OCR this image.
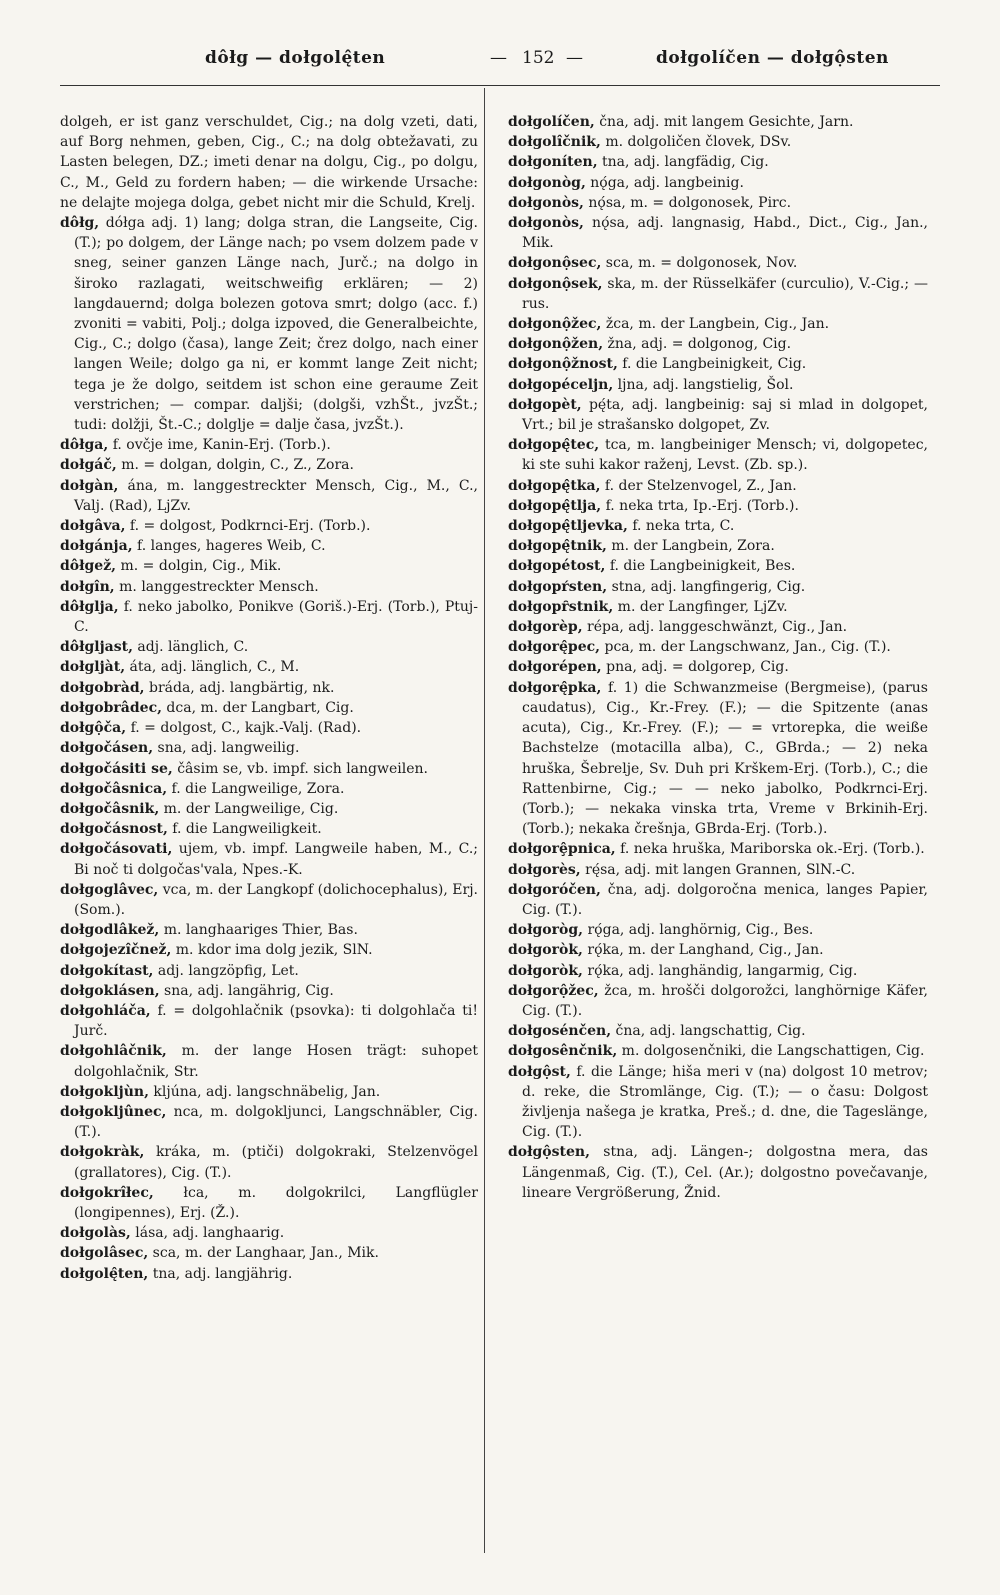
dôłg — dołgolę̂ten	— 152 —	dołgolíčen — dołgộsten

dolgeh, er ist ganz verschuldet, Cig.; na dolg vzeti, dati, auf Borg nehmen, geben, Cig., C.; na dolg obtežavati, zu Lasten belegen, DZ.; imeti denar na dolgu, Cig., po dolgu, C., M., Geld zu fordern haben; — die wirkende Ursache: ne delajte mojega dolga, gebet nicht mir die Schuld, Krelj.

dôłg, dółga adj. 1) lang; dolga stran, die Langseite, Cig. (T.); po dolgem, der Länge nach; po vsem dolzem pade v sneg, seiner ganzen Länge nach, Jurč.; na dolgo in široko razlagati, weitschweifig erklären; — 2) langdauernd; dolga bolezen gotova smrt; dolgo (acc. f.) zvoniti = vabiti, Polj.; dolga izpoved, die Generalbeichte, Cig., C.; dolgo (časa), lange Zeit; črez dolgo, nach einer langen Weile; dolgo ga ni, er kommt lange Zeit nicht; tega je že dolgo, seitdem ist schon eine geraume Zeit verstrichen; — compar. daljši; (dolgši, vzhŠt., jvzŠt.; tudi: dolžji, Št.-C.; dolglje = dalje časa, jvzŠt.).

dôłga, f. ovčje ime, Kanin-Erj. (Torb.).

dołgáč, m. = dolgan, dolgin, C., Z., Zora.

dołgàn, ána, m. langgestreckter Mensch, Cig., M., C., Valj. (Rad), LjZv.

dołgâva, f. = dolgost, Podkrnci-Erj. (Torb.).

dołgánja, f. langes, hageres Weib, C.

dôłgež, m. = dolgin, Cig., Mik.

dołgîn, m. langgestreckter Mensch.

dôłglja, f. neko jabolko, Ponikve (Goriš.)-Erj. (Torb.), Ptuj-C.

dôłgljast, adj. länglich, C.

dołgljàt, áta, adj. länglich, C., M.

dołgobràd, bráda, adj. langbärtig, nk.

dołgobrâdec, dca, m. der Langbart, Cig.

dołgộča, f. = dolgost, C., kajk.-Valj. (Rad).

dołgočásen, sna, adj. langweilig.

dołgočásiti se, čâsim se, vb. impf. sich langweilen.

dołgočâsnica, f. die Langweilige, Zora.

dołgočâsnik, m. der Langweilige, Cig.

dołgočásnost, f. die Langweiligkeit.

dołgočásovati, ujem, vb. impf. Langweile haben, M., C.; Bi noč ti dolgočas'vala, Npes.-K.

dołgoglâvec, vca, m. der Langkopf (dolichocephalus), Erj. (Som.).

dołgodlâkež, m. langhaariges Thier, Bas.

dołgojezîčnež, m. kdor ima dolg jezik, SlN.

dołgokítast, adj. langzöpfig, Let.

dołgoklásen, sna, adj. langährig, Cig.

dołgohláča, f. = dolgohlačnik (psovka): ti dolgohlača ti! Jurč.

dołgohlâčnik, m. der lange Hosen trägt: suhopet dolgohlačnik, Str.

dołgokljùn, kljúna, adj. langschnäbelig, Jan.

dołgokljûnec, nca, m. dolgokljunci, Langschnäbler, Cig. (T.).

dołgokràk, kráka, m. (ptiči) dolgokraki, Stelzenvögel (grallatores), Cig. (T.).

dołgokrîłec, łca, m. dolgokrilci, Langflügler (longipennes), Erj. (Ž.).

dołgolàs, lása, adj. langhaarig.

dołgolâsec, sca, m. der Langhaar, Jan., Mik.

dołgolę̂ten, tna, adj. langjährig.

dołgolíčen, čna, adj. mit langem Gesichte, Jarn.

dołgolîčnik, m. dolgoličen človek, DSv.

dołgoníten, tna, adj. langfädig, Cig.

dołgonòg, nǫ́ga, adj. langbeinig.

dołgonòs, nǫ́sa, m. = dolgonosek, Pirc.

dołgonòs, nǫ́sa, adj. langnasig, Habd., Dict., Cig., Jan., Mik.

dołgonộsec, sca, m. = dolgonosek, Nov.

dołgonộsek, ska, m. der Rüsselkäfer (curculio), V.-Cig.; — rus.

dołgonộžec, žca, m. der Langbein, Cig., Jan.

dołgonộžen, žna, adj. = dolgonog, Cig.

dołgonộžnost, f. die Langbeinigkeit, Cig.

dołgopéceljn, ljna, adj. langstielig, Šol.

dołgopèt, pę́ta, adj. langbeinig: saj si mlad in dolgopet, Vrt.; bil je strašansko dolgopet, Zv.

dołgopę̂tec, tca, m. langbeiniger Mensch; vi, dolgopetec, ki ste suhi kakor raženj, Levst. (Zb. sp.).

dołgopę̂tka, f. der Stelzenvogel, Z., Jan.

dołgopę̂tlja, f. neka trta, Ip.-Erj. (Torb.).

dołgopę̂tljevka, f. neka trta, C.

dołgopę̂tnik, m. der Langbein, Zora.

dołgopétost, f. die Langbeinigkeit, Bes.

dołgopŕsten, stna, adj. langfingerig, Cig.

dołgopȓstnik, m. der Langfinger, LjZv.

dołgorèp, répa, adj. langgeschwänzt, Cig., Jan.

dołgorę̂pec, pca, m. der Langschwanz, Jan., Cig. (T.).

dołgorépen, pna, adj. = dolgorep, Cig.

dołgorę̂pka, f. 1) die Schwanzmeise (Bergmeise), (parus caudatus), Cig., Kr.-Frey. (F.); — die Spitzente (anas acuta), Cig., Kr.-Frey. (F.); — = vrtorepka, die weiße Bachstelze (motacilla alba), C., GBrda.; — 2) neka hruška, Šebrelje, Sv. Duh pri Krškem-Erj. (Torb.), C.; die Rattenbirne, Cig.; — — neko jabolko, Podkrnci-Erj. (Torb.); — nekaka vinska trta, Vreme v Brkinih-Erj. (Torb.); nekaka črešnja, GBrda-Erj. (Torb.).

dołgorȩ̂pnica, f. neka hruška, Mariborska ok.-Erj. (Torb.).

dołgorès, rę́sa, adj. mit langen Grannen, SlN.-C.

dołgoróčen, čna, adj. dolgoročna menica, langes Papier, Cig. (T.).

dołgoròg, rǫ́ga, adj. langhörnig, Cig., Bes.

dołgoròk, rǫ́ka, m. der Langhand, Cig., Jan.

dołgoròk, rǫ́ka, adj. langhändig, langarmig, Cig.

dołgorộžec, žca, m. hrošči dolgorožci, langhörnige Käfer, Cig. (T.).

dołgosénčen, čna, adj. langschattig, Cig.

dołgosênčnik, m. dolgosenčniki, die Langschattigen, Cig.

dołgộst, f. die Länge; hiša meri v (na) dolgost 10 metrov; d. reke, die Stromlänge, Cig. (T.); — o času: Dolgost življenja našega je kratka, Preš.; d. dne, die Tageslänge, Cig. (T.).

dołgộsten, stna, adj. Längen-; dolgostna mera, das Längenmaß, Cig. (T.), Cel. (Ar.); dolgostno povečavanje, lineare Vergrößerung, Žnid.
